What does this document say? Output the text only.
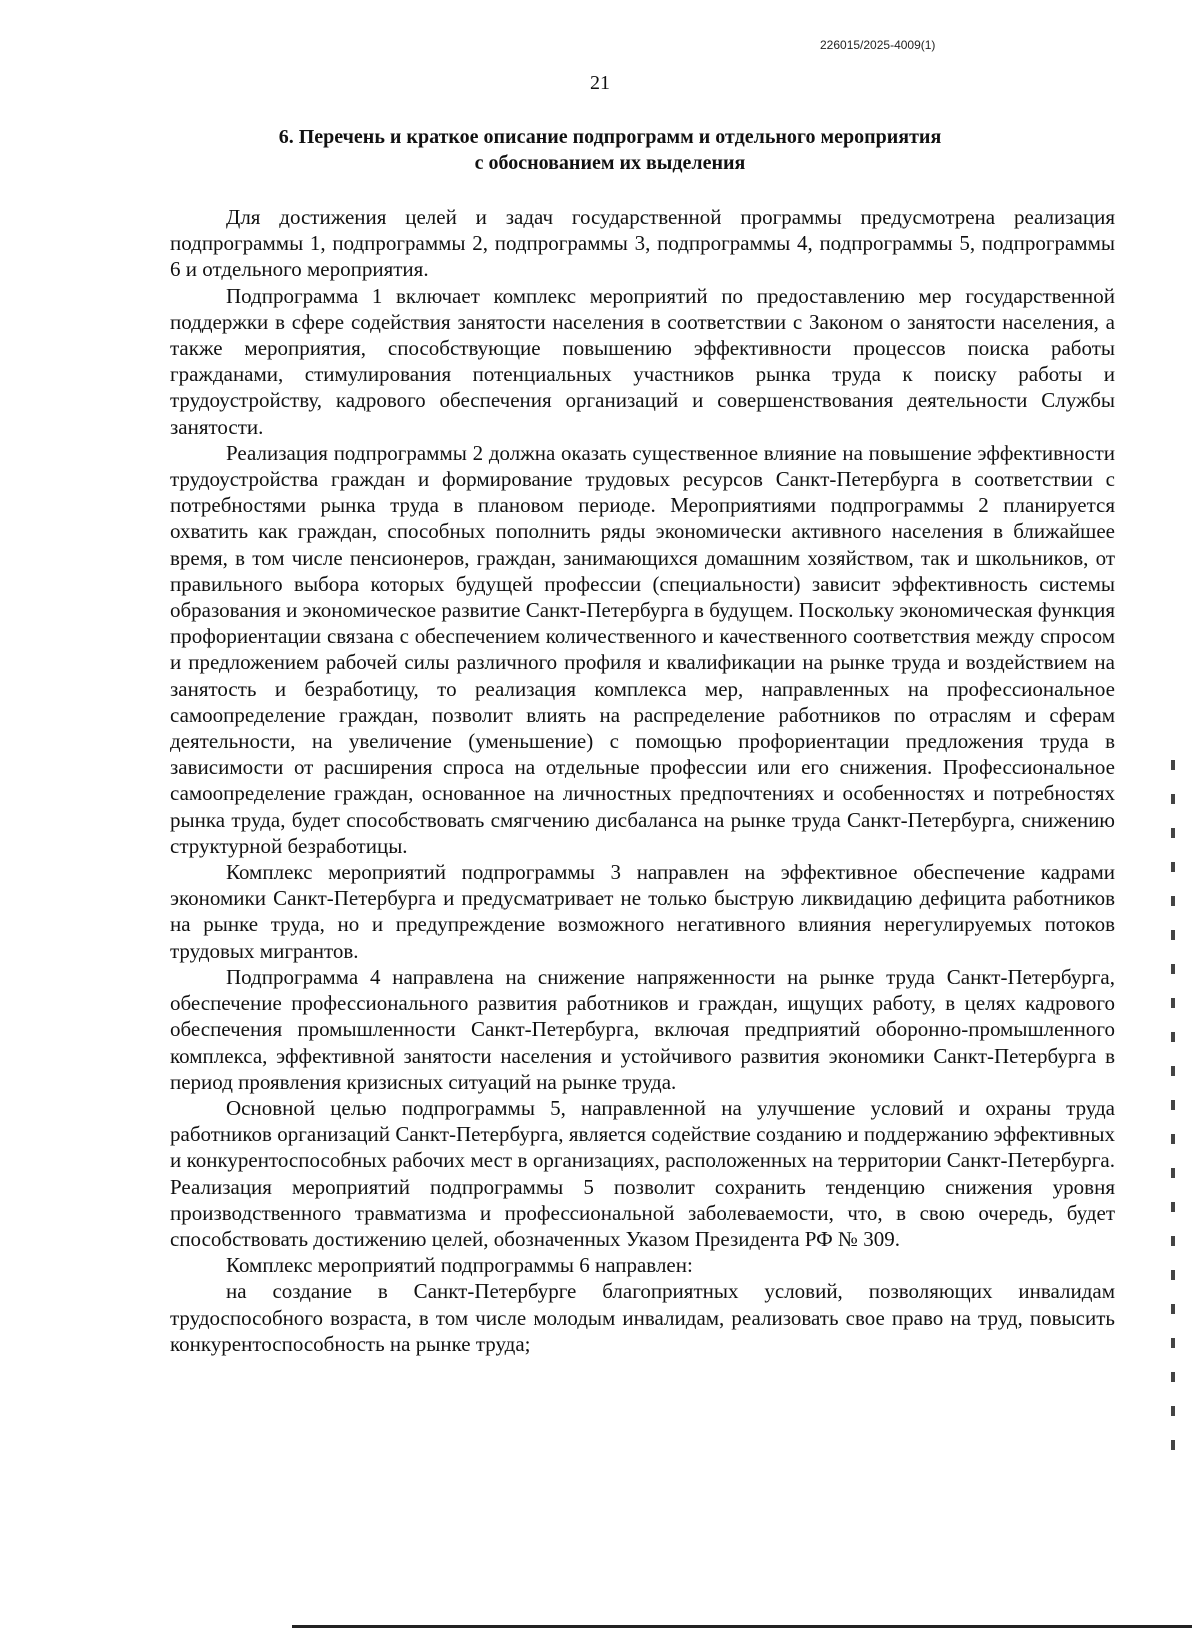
226015/2025-4009(1)
21
6. Перечень и краткое описание подпрограмм и отдельного мероприятия
с обоснованием их выделения

Для достижения целей и задач государственной программы предусмотрена реализация подпрограммы 1, подпрограммы 2, подпрограммы 3, подпрограммы 4, подпрограммы 5, подпрограммы 6 и отдельного мероприятия.

Подпрограмма 1 включает комплекс мероприятий по предоставлению мер государственной поддержки в сфере содействия занятости населения в соответствии с Законом о занятости населения, а также мероприятия, способствующие повышению эффективности процессов поиска работы гражданами, стимулирования потенциальных участников рынка труда к поиску работы и трудоустройству, кадрового обеспечения организаций и совершенствования деятельности Службы занятости.

Реализация подпрограммы 2 должна оказать существенное влияние на повышение эффективности трудоустройства граждан и формирование трудовых ресурсов Санкт-Петербурга в соответствии с потребностями рынка труда в плановом периоде. Мероприятиями подпрограммы 2 планируется охватить как граждан, способных пополнить ряды экономически активного населения в ближайшее время, в том числе пенсионеров, граждан, занимающихся домашним хозяйством, так и школьников, от правильного выбора которых будущей профессии (специальности) зависит эффективность системы образования и экономическое развитие Санкт-Петербурга в будущем. Поскольку экономическая функция профориентации связана с обеспечением количественного и качественного соответствия между спросом и предложением рабочей силы различного профиля и квалификации на рынке труда и воздействием на занятость и безработицу, то реализация комплекса мер, направленных на профессиональное самоопределение граждан, позволит влиять на распределение работников по отраслям и сферам деятельности, на увеличение (уменьшение) с помощью профориентации предложения труда в зависимости от расширения спроса на отдельные профессии или его снижения. Профессиональное самоопределение граждан, основанное на личностных предпочтениях и особенностях и потребностях рынка труда, будет способствовать смягчению дисбаланса на рынке труда Санкт-Петербурга, снижению структурной безработицы.

Комплекс мероприятий подпрограммы 3 направлен на эффективное обеспечение кадрами экономики Санкт-Петербурга и предусматривает не только быструю ликвидацию дефицита работников на рынке труда, но и предупреждение возможного негативного влияния нерегулируемых потоков трудовых мигрантов.

Подпрограмма 4 направлена на снижение напряженности на рынке труда Санкт-Петербурга, обеспечение профессионального развития работников и граждан, ищущих работу, в целях кадрового обеспечения промышленности Санкт-Петербурга, включая предприятий оборонно-промышленного комплекса, эффективной занятости населения и устойчивого развития экономики Санкт-Петербурга в период проявления кризисных ситуаций на рынке труда.

Основной целью подпрограммы 5, направленной на улучшение условий и охраны труда работников организаций Санкт-Петербурга, является содействие созданию и поддержанию эффективных и конкурентоспособных рабочих мест в организациях, расположенных на территории Санкт-Петербурга. Реализация мероприятий подпрограммы 5 позволит сохранить тенденцию снижения уровня производственного травматизма и профессиональной заболеваемости, что, в свою очередь, будет способствовать достижению целей, обозначенных Указом Президента РФ № 309.

Комплекс мероприятий подпрограммы 6 направлен:

на создание в Санкт-Петербурге благоприятных условий, позволяющих инвалидам трудоспособного возраста, в том числе молодым инвалидам, реализовать свое право на труд, повысить конкурентоспособность на рынке труда;
